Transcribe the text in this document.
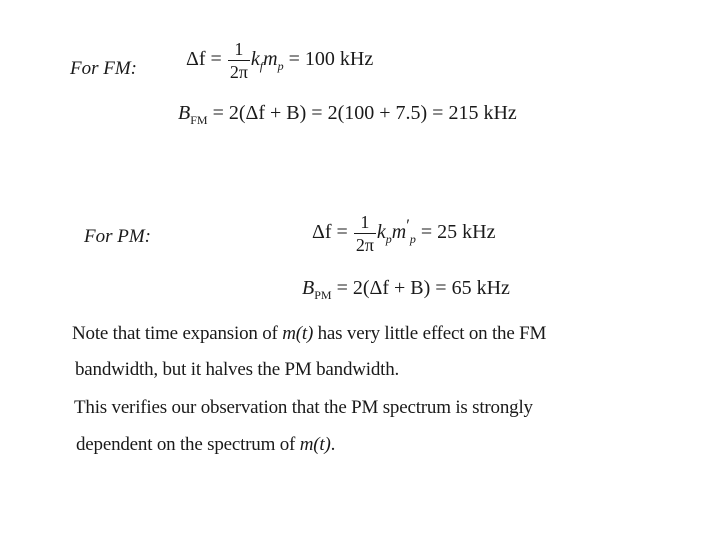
For FM: $\Delta f = \frac{1}{2\pi} k_fm_p = 100$ kHz
$B_{FM} = 2(\Delta f + B) = 2(100 + 7.5) = 215$ kHz
For PM:	$\Delta f = \frac{1}{2\pi} k_pm'_p = 25$ kHz
$B_{PM} = 2(\Delta f + B) = 65$ kHz
Note that time expansion of m(t) has very little effect on the FM
bandwidth, but it halves the PM bandwidth.
This verifies our observation that the PM spectrum is strongly
dependent on the spectrum of m(t).
